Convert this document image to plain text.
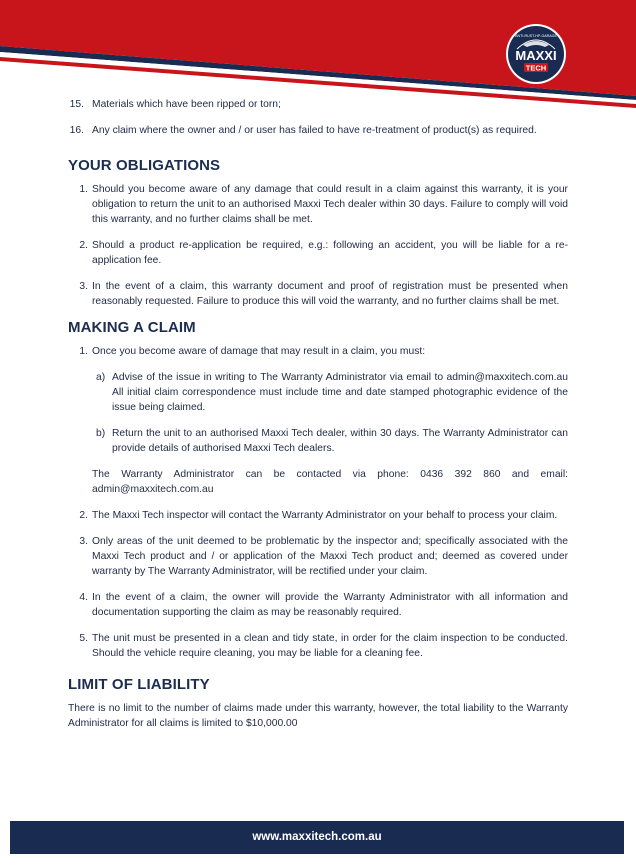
MAXXI
TECH
ANTI-RUST-HP-GARAGE
15. Materials which have been ripped or torn;
16. Any claim where the owner and / or user has failed to have re-treatment of product(s) as required.
YOUR OBLIGATIONS
1. Should you become aware of any damage that could result in a claim against this warranty, it is your obligation to return the unit to an authorised Maxxi Tech dealer within 30 days. Failure to comply will void this warranty, and no further claims shall be met.
2. Should a product re-application be required, e.g.: following an accident, you will be liable for a re-application fee.
3. In the event of a claim, this warranty document and proof of registration must be presented when reasonably requested. Failure to produce this will void the warranty, and no further claims shall be met.
MAKING A CLAIM
1. Once you become aware of damage that may result in a claim, you must:
a) Advise of the issue in writing to The Warranty Administrator via email to admin@maxxitech.com.au All initial claim correspondence must include time and date stamped photographic evidence of the issue being claimed.
b) Return the unit to an authorised Maxxi Tech dealer, within 30 days. The Warranty Administrator can provide details of authorised Maxxi Tech dealers.
The Warranty Administrator can be contacted via phone: 0436 392 860 and email: admin@maxxitech.com.au
2. The Maxxi Tech inspector will contact the Warranty Administrator on your behalf to process your claim.
3. Only areas of the unit deemed to be problematic by the inspector and; specifically associated with the Maxxi Tech product and / or application of the Maxxi Tech product and; deemed as covered under warranty by The Warranty Administrator, will be rectified under your claim.
4. In the event of a claim, the owner will provide the Warranty Administrator with all information and documentation supporting the claim as may be reasonably required.
5. The unit must be presented in a clean and tidy state, in order for the claim inspection to be conducted. Should the vehicle require cleaning, you may be liable for a cleaning fee.
LIMIT OF LIABILITY

There is no limit to the number of claims made under this warranty, however, the total liability to the Warranty Administrator for all claims is limited to $10,000.00

www.maxxitech.com.au
